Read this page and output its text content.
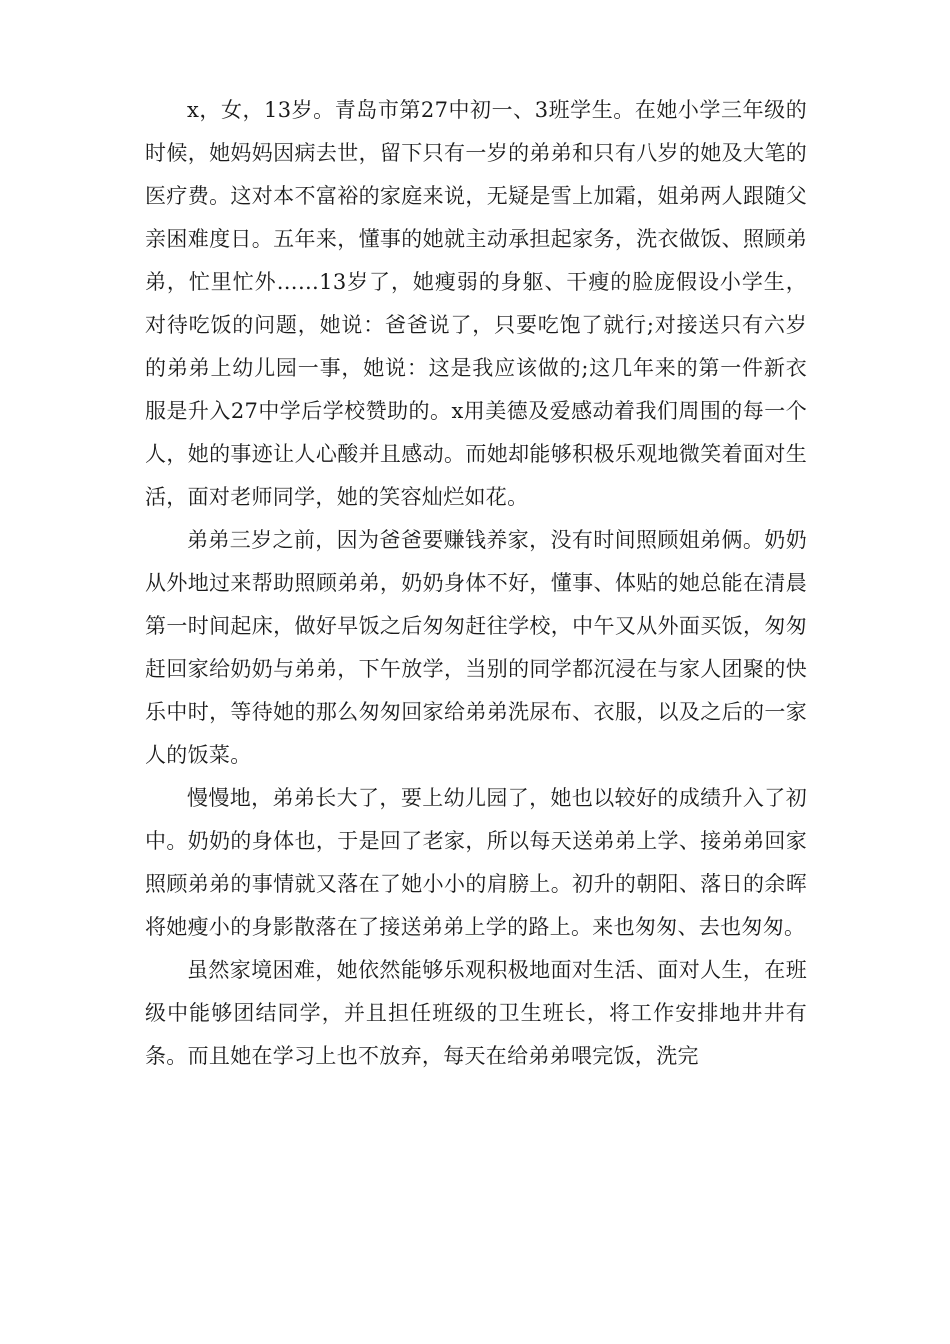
x，女，13岁。青岛市第27中初一、3班学生。在她小学三年级的时候，她妈妈因病去世，留下只有一岁的弟弟和只有八岁的她及大笔的医疗费。这对本不富裕的家庭来说，无疑是雪上加霜，姐弟两人跟随父亲困难度日。五年来，懂事的她就主动承担起家务，洗衣做饭、照顾弟弟，忙里忙外……13岁了，她瘦弱的身躯、干瘦的脸庞假设小学生，对待吃饭的问题，她说：爸爸说了，只要吃饱了就行;对接送只有六岁的弟弟上幼儿园一事，她说：这是我应该做的;这几年来的第一件新衣服是升入27中学后学校赞助的。x用美德及爱感动着我们周围的每一个人，她的事迹让人心酸并且感动。而她却能够积极乐观地微笑着面对生活，面对老师同学，她的笑容灿烂如花。

弟弟三岁之前，因为爸爸要赚钱养家，没有时间照顾姐弟俩。奶奶从外地过来帮助照顾弟弟，奶奶身体不好，懂事、体贴的她总能在清晨第一时间起床，做好早饭之后匆匆赶往学校，中午又从外面买饭，匆匆赶回家给奶奶与弟弟，下午放学，当别的同学都沉浸在与家人团聚的快乐中时，等待她的那么匆匆回家给弟弟洗尿布、衣服，以及之后的一家人的饭菜。

慢慢地，弟弟长大了，要上幼儿园了，她也以较好的成绩升入了初中。奶奶的身体也，于是回了老家，所以每天送弟弟上学、接弟弟回家照顾弟弟的事情就又落在了她小小的肩膀上。初升的朝阳、落日的余晖将她瘦小的身影散落在了接送弟弟上学的路上。来也匆匆、去也匆匆。

虽然家境困难，她依然能够乐观积极地面对生活、面对人生，在班级中能够团结同学，并且担任班级的卫生班长，将工作安排地井井有条。而且她在学习上也不放弃，每天在给弟弟喂完饭，洗完
